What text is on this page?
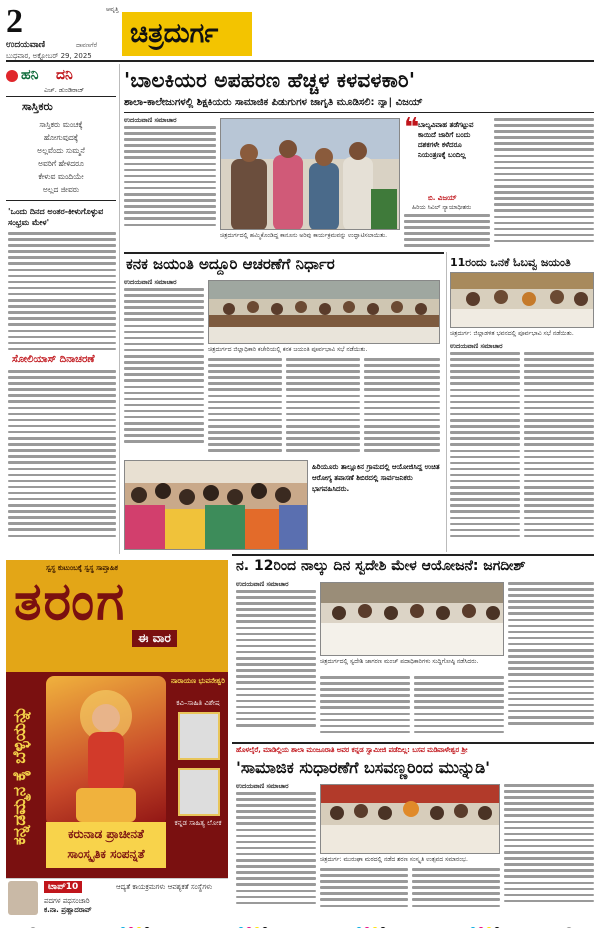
2
ಉದಯವಾಣಿ	ದಾವಣಗೆರೆ
ಬುಧವಾರ, ಅಕ್ಟೋಬರ್ 29, 2025
ಆವೃತ್ತಿ
ಚಿತ್ರದುರ್ಗ
ಹನಿ ದನಿ
ಎಚ್. ಡುಂಡಿರಾಜ್
ಸಾಸ್ತಿಕರು
ಸಾಸ್ತಿಕರು ಮಂಚಕ್ಕೆ
ಹೋಗುವುದಕ್ಕೆ
ಅಲ್ಲವೆಂದು ಸುಮ್ಮನೆ
ಅವರಿಗೆ ಹೇಳಿದರೂ
ಕೇಳುವ ಮಂದಿಯೇ
ಅಲ್ಲದ ಜೀವರು
'ಒಂದು ದಿನದ ಅಂತರ-ಕೀಳುಗೊಳ್ಳುವ ಸಂಭ್ರಮ ಮೇಳ'
ಸೋಲಿಯಾಸ್ ದಿನಾಚರಣೆ
'ಬಾಲಕಿಯರ ಅಪಹರಣ ಹೆಚ್ಚಳ ಕಳವಳಕಾರಿ'
ಶಾಲಾ-ಕಾಲೇಜುಗಳಲ್ಲಿ ಶಿಕ್ಷಕಿಯರು ಸಾಮಾಜಿಕ ಪಿಡುಗುಗಳ ಜಾಗೃತಿ ಮೂಡಿಸಲಿ: ನ್ಯಾ| ವಿಜಯ್
ಉದಯವಾಣಿ ಸಮಾಚಾರ
ಚಿತ್ರದುರ್ಗದಲ್ಲಿ ಹಮ್ಮಿಕೊಂಡಿದ್ದ ಕಾನೂನು ಅರಿವು ಕಾರ್ಯಕ್ರಮವನ್ನು ಉದ್ಘಾಟಿಸಲಾಯಿತು.
❝
ಬಾಲ್ಯವಿವಾಹ ತಡೆಗಟ್ಟುವ ಕಾಯಿದೆ ಜಾರಿಗೆ ಬಂದು ದಶಕಗಳೇ ಕಳೆದರೂ ನಿಯಂತ್ರಣಕ್ಕೆ ಬಂದಿಲ್ಲ
ಬಿ. ವಿಜಯ್
ಹಿರಿಯ ಸಿವಿಲ್ ನ್ಯಾಯಾಧೀಶರು
ಕನಕ ಜಯಂತಿ ಅದ್ದೂರಿ ಆಚರಣೆಗೆ ನಿರ್ಧಾರ
ಉದಯವಾಣಿ ಸಮಾಚಾರ
ಚಿತ್ರದುರ್ಗದ ಜಿಲ್ಲಾಧಿಕಾರಿ ಕಚೇರಿಯಲ್ಲಿ ಕನಕ ಜಯಂತಿ ಪೂರ್ವಭಾವಿ ಸಭೆ ನಡೆಯಿತು.
11ರಂದು ಒನಕೆ ಓಬವ್ವ ಜಯಂತಿ
ಚಿತ್ರದುರ್ಗ: ಜಿಲ್ಲಾಡಳಿತ ಭವನದಲ್ಲಿ ಪೂರ್ವಭಾವಿ ಸಭೆ ನಡೆಯಿತು.
ಉದಯವಾಣಿ ಸಮಾಚಾರ
ಹಿರಿಯೂರು ತಾಲ್ಲೂಕಿನ ಗ್ರಾಮದಲ್ಲಿ ಆಯೋಜಿಸಿದ್ದ ಉಚಿತ ಆರೋಗ್ಯ ತಪಾಸಣೆ ಶಿಬಿರದಲ್ಲಿ ಸಾರ್ವಜನಿಕರು ಭಾಗವಹಿಸಿದರು.
ನ. 12ರಿಂದ ನಾಲ್ಕು ದಿನ ಸ್ವದೇಶಿ ಮೇಳ ಆಯೋಜನೆ: ಜಗದೀಶ್
ಉದಯವಾಣಿ ಸಮಾಚಾರ
ಚಿತ್ರದುರ್ಗದಲ್ಲಿ ಸ್ವದೇಶಿ ಜಾಗರಣ ಮಂಚ್ ಪದಾಧಿಕಾರಿಗಳು ಸುದ್ದಿಗೋಷ್ಠಿ ನಡೆಸಿದರು.
ಹೊಳಲ್ಕೆರೆ, ಮಾಡಿಲ್ಲಿಯ ಶಾಲಾ ಮಂಜೂರಾತಿ ಅವರ ಕನ್ನಡ ಸ್ವಾಮೀಜಿ ಪಡೆದಿಲ್ಲ: ಬಸವ ಮಡಿವಾಳೇಶ್ವರ ಶ್ರೀ
'ಸಾಮಾಜಿಕ ಸುಧಾರಣೆಗೆ ಬಸವಣ್ಣರಿಂದ ಮುನ್ನುಡಿ'
ಉದಯವಾಣಿ ಸಮಾಚಾರ
ಚಿತ್ರದುರ್ಗ: ಮುರುಘಾ ಮಠದಲ್ಲಿ ನಡೆದ ಶರಣ ಸಂಸ್ಕೃತಿ ಉತ್ಸವದ ಸಮಾರಂಭ.
ಸ್ವಸ್ಥ ಕುಟುಂಬಕ್ಕೆ ಸ್ವಸ್ಥ ಸಾಪ್ತಾಹಿಕ
ತರಂಗ
ಈ ವಾರ
ಕನ್ನಡಮ್ಮನ ಕೈ ಬೆಳ್ಳಿಯನ್ನು
ನಾರಾಯಣ ಭುವನೇಶ್ವರಿ
ಕವಿ–ಸಾಹಿತಿ ವಿಶೇಷ
ಕನ್ನಡ ಸಾಹಿತ್ಯ ಲೋಕ
ಕರುನಾಡ ಪ್ರಾಚೀನತೆ ಸಾಂಸ್ಕೃತಿಕ ಸಂಪನ್ನತೆ
ಟಾಪ್10
ಪದಗಳ ಪಥಸಂಚಾರಿ
ಕ.ನಾ. ಪ್ರಹ್ಲಾದರಾವ್
ಆದ್ಯತೆ ಕಾಯಕ್ರಮಗಳು ಆವಶ್ಯಕತೆ ಸಂಸ್ಥೆಗಳು
